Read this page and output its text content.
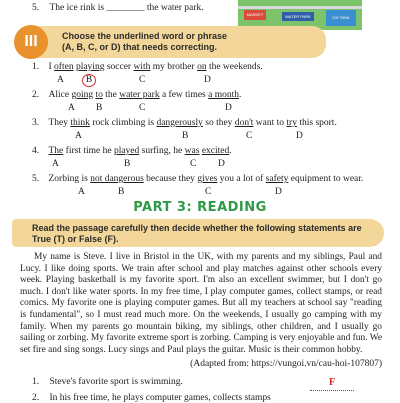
5. The ice rink is ________ the water park.
MARKET	WATER PARK	ICE RINK
Choose the underlined word or phrase
(A, B, C, or D) that needs correcting.
III
1. I often playing soccer with my brother on the weekends.
A	B	C	D
2. Alice going to the water park a few times a month.
A B	C	D
3. They think rock climbing is dangerously so they don't want to try this sport.
A	B	C	D
4. The first time he played surfing, he was excited.
A	B	C D
5. Zorbing is not dangerous because they gives you a lot of safety equipment to wear.
A	B	C	D
PART 3: READING
Read the passage carefully then decide whether the following statements are
True (T) or False (F).
My name is Steve. I live in Bristol in the UK, with my parents and my siblings, Paul and Lucy. I like doing sports. We train after school and play matches against other schools every week. Playing basketball is my favorite sport. I'm also an excellent swimmer, but I don't go much. I don't like water sports. In my free time, I play computer games, collect stamps, or read comics. My favorite one is playing computer games. But all my teachers at school say "reading is fundamental", so I must read much more. On the weekends, I usually go camping with my family. When my parents go mountain biking, my siblings, other children, and I usually go sailing or zorbing. My favorite extreme sport is zorbing. Camping is very enjoyable and fun. We set fire and sing songs. Lucy sings and Paul plays the guitar. Music is their common hobby.
(Adapted from: https://vungoi.vn/cau-hoi-107807)
1. Steve's favorite sport is swimming.	F
2. In his free time, he plays computer games, collects stamps
